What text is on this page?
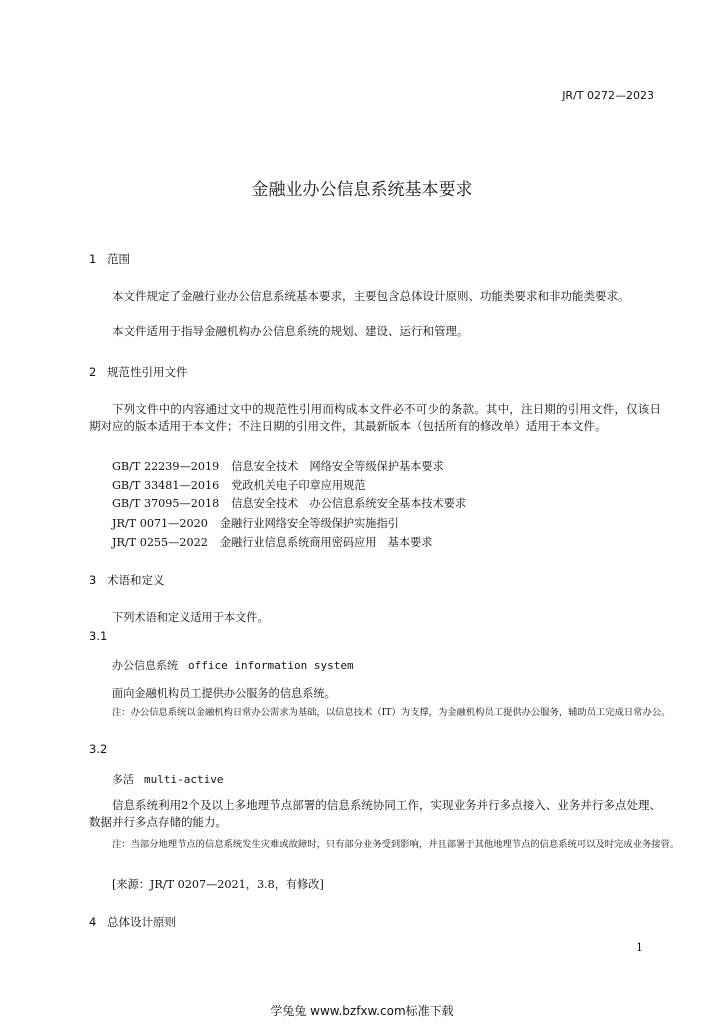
JR/T 0272—2023
金融业办公信息系统基本要求
1 范围
本文件规定了金融行业办公信息系统基本要求，主要包含总体设计原则、功能类要求和非功能类要求。
本文件适用于指导金融机构办公信息系统的规划、建设、运行和管理。
2 规范性引用文件
下列文件中的内容通过文中的规范性引用而构成本文件必不可少的条款。其中，注日期的引用文件，仅该日期对应的版本适用于本文件；不注日期的引用文件，其最新版本（包括所有的修改单）适用于本文件。
GB/T 22239—2019 信息安全技术　网络安全等级保护基本要求
GB/T 33481—2016 党政机关电子印章应用规范
GB/T 37095—2018 信息安全技术　办公信息系统安全基本技术要求
JR/T 0071—2020 金融行业网络安全等级保护实施指引
JR/T 0255—2022 金融行业信息系统商用密码应用　基本要求
3 术语和定义
下列术语和定义适用于本文件。
3.1
办公信息系统 office information system
面向金融机构员工提供办公服务的信息系统。
注：办公信息系统以金融机构日常办公需求为基础，以信息技术（IT）为支撑，为金融机构员工提供办公服务，辅助员工完成日常办公。
3.2
多活 multi-active
信息系统利用2个及以上多地理节点部署的信息系统协同工作，实现业务并行多点接入、业务并行多点处理、数据并行多点存储的能力。
注：当部分地理节点的信息系统发生灾难或故障时，只有部分业务受到影响，并且部署于其他地理节点的信息系统可以及时完成业务接管。
[来源：JR/T 0207—2021，3.8，有修改]
4 总体设计原则
1
学兔兔 www.bzfxw.com标准下载
